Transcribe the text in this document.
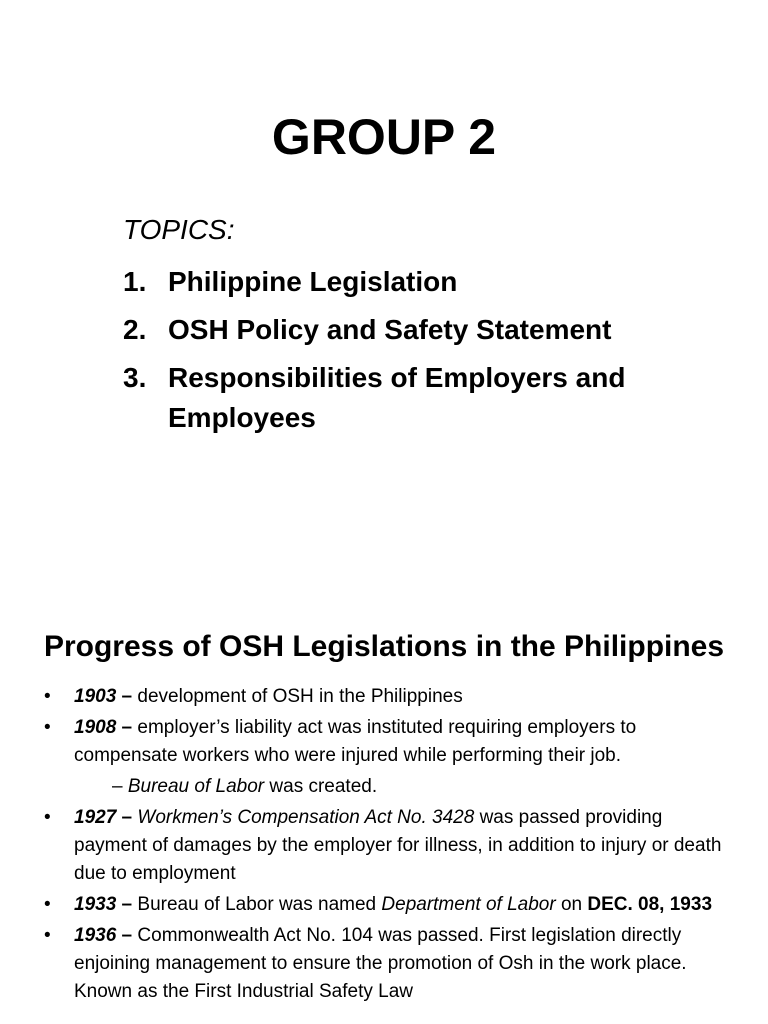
GROUP 2
TOPICS:
1. Philippine Legislation
2. OSH Policy and Safety Statement
3. Responsibilities of Employers and Employees
Progress of OSH Legislations in the Philippines
• 1903 – development of OSH in the Philippines
• 1908 – employer’s liability act was instituted requiring employers to compensate workers who were injured while performing their job.
– Bureau of Labor was created.
• 1927 – Workmen’s Compensation Act No. 3428 was passed providing payment of damages by the employer for illness, in addition to injury or death due to employment
• 1933 – Bureau of Labor was named Department of Labor on DEC. 08, 1933
• 1936 – Commonwealth Act No. 104 was passed. First legislation directly enjoining management to ensure the promotion of Osh in the work place. Known as the First Industrial Safety Law
